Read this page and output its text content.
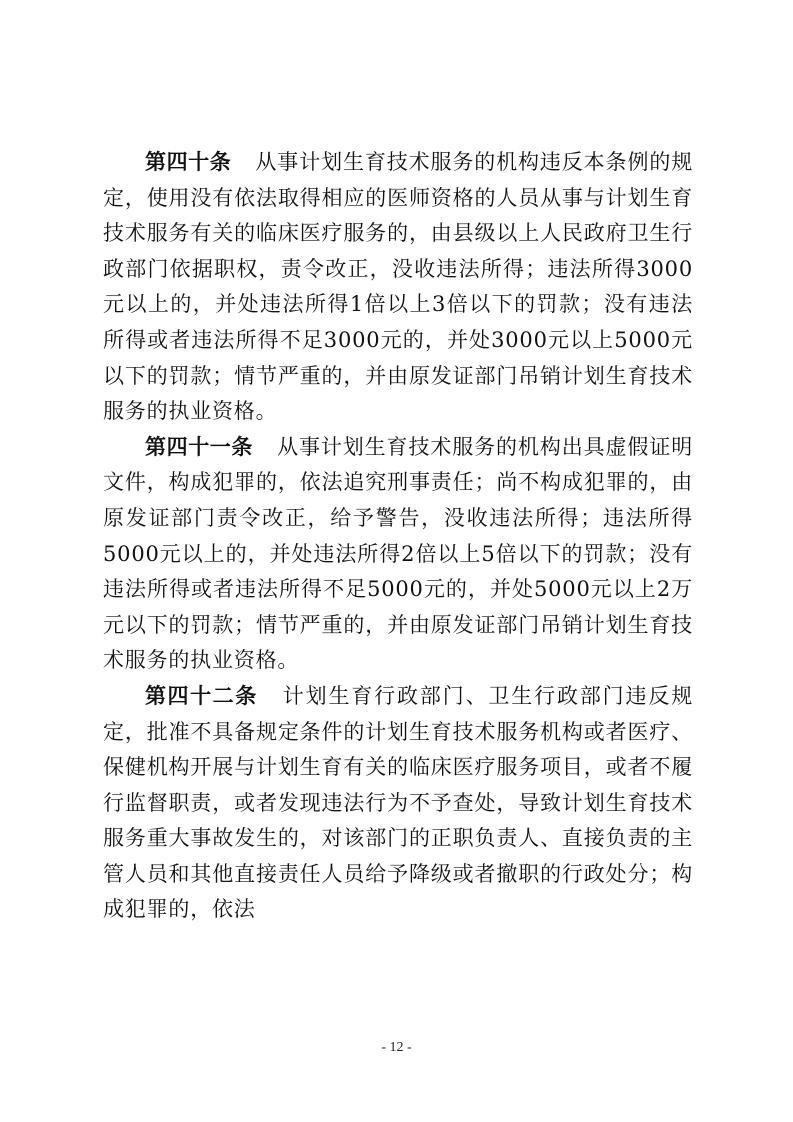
第四十条 从事计划生育技术服务的机构违反本条例的规定，使用没有依法取得相应的医师资格的人员从事与计划生育技术服务有关的临床医疗服务的，由县级以上人民政府卫生行政部门依据职权，责令改正，没收违法所得；违法所得3000元以上的，并处违法所得1倍以上3倍以下的罚款；没有违法所得或者违法所得不足3000元的，并处3000元以上5000元以下的罚款；情节严重的，并由原发证部门吊销计划生育技术服务的执业资格。

第四十一条 从事计划生育技术服务的机构出具虚假证明文件，构成犯罪的，依法追究刑事责任；尚不构成犯罪的，由原发证部门责令改正，给予警告，没收违法所得；违法所得5000元以上的，并处违法所得2倍以上5倍以下的罚款；没有违法所得或者违法所得不足5000元的，并处5000元以上2万元以下的罚款；情节严重的，并由原发证部门吊销计划生育技术服务的执业资格。

第四十二条 计划生育行政部门、卫生行政部门违反规定，批准不具备规定条件的计划生育技术服务机构或者医疗、保健机构开展与计划生育有关的临床医疗服务项目，或者不履行监督职责，或者发现违法行为不予查处，导致计划生育技术服务重大事故发生的，对该部门的正职负责人、直接负责的主管人员和其他直接责任人员给予降级或者撤职的行政处分；构成犯罪的，依法

- 12 -
